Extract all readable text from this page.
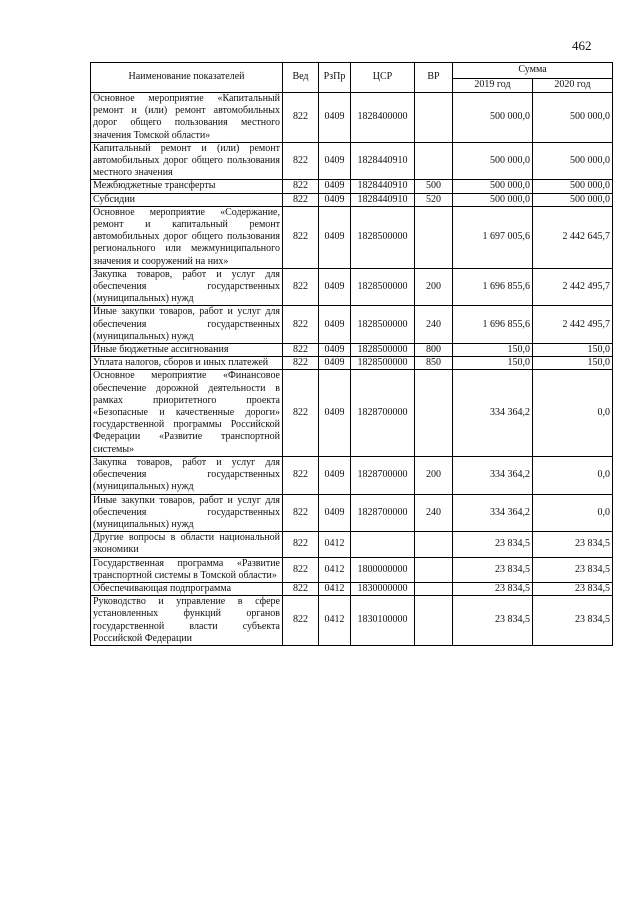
462
Наименование показателей	Вед	РзПр	ЦСР	ВР	Сумма	
					2019 год	2020 год
Основное мероприятие «Капитальный ремонт и (или) ремонт автомобильных дорог общего пользования местного значения Томской области»	822	0409	1828400000		500 000,0	500 000,0
Капитальный ремонт и (или) ремонт автомобильных дорог общего пользования местного значения	822	0409	1828440910		500 000,0	500 000,0
Межбюджетные трансферты	822	0409	1828440910	500	500 000,0	500 000,0
Субсидии	822	0409	1828440910	520	500 000,0	500 000,0
Основное мероприятие «Содержание, ремонт и капитальный ремонт автомобильных дорог общего пользования регионального или межмуниципального значения и сооружений на них»	822	0409	1828500000		1 697 005,6	2 442 645,7
Закупка товаров, работ и услуг для обеспечения государственных (муниципальных) нужд	822	0409	1828500000	200	1 696 855,6	2 442 495,7
Иные закупки товаров, работ и услуг для обеспечения государственных (муниципальных) нужд	822	0409	1828500000	240	1 696 855,6	2 442 495,7
Иные бюджетные ассигнования	822	0409	1828500000	800	150,0	150,0
Уплата налогов, сборов и иных платежей	822	0409	1828500000	850	150,0	150,0
Основное мероприятие «Финансовое обеспечение дорожной деятельности в рамках приоритетного проекта «Безопасные и качественные дороги» государственной программы Российской Федерации «Развитие транспортной системы»	822	0409	1828700000		334 364,2	0,0
Закупка товаров, работ и услуг для обеспечения государственных (муниципальных) нужд	822	0409	1828700000	200	334 364,2	0,0
Иные закупки товаров, работ и услуг для обеспечения государственных (муниципальных) нужд	822	0409	1828700000	240	334 364,2	0,0
Другие вопросы в области национальной экономики	822	0412			23 834,5	23 834,5
Государственная программа «Развитие транспортной системы в Томской области»	822	0412	1800000000		23 834,5	23 834,5
Обеспечивающая подпрограмма	822	0412	1830000000		23 834,5	23 834,5
Руководство и управление в сфере установленных функций органов государственной власти субъекта Российской Федерации	822	0412	1830100000		23 834,5	23 834,5
